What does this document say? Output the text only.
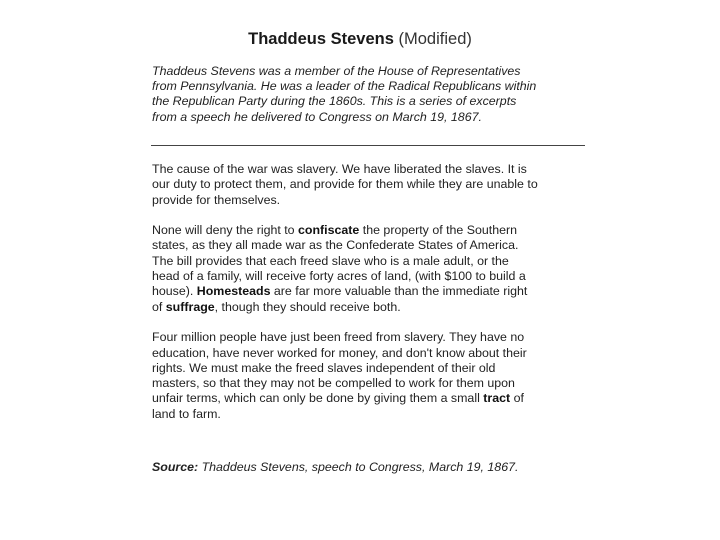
Thaddeus Stevens (Modified)
Thaddeus Stevens was a member of the House of Representatives
from Pennsylvania. He was a leader of the Radical Republicans within
the Republican Party during the 1860s. This is a series of excerpts
from a speech he delivered to Congress on March 19, 1867.

The cause of the war was slavery. We have liberated the slaves. It is
our duty to protect them, and provide for them while they are unable to
provide for themselves.

None will deny the right to confiscate the property of the Southern
states, as they all made war as the Confederate States of America.
The bill provides that each freed slave who is a male adult, or the
head of a family, will receive forty acres of land, (with $100 to build a
house). Homesteads are far more valuable than the immediate right
of suffrage, though they should receive both.

Four million people have just been freed from slavery. They have no
education, have never worked for money, and don't know about their
rights. We must make the freed slaves independent of their old
masters, so that they may not be compelled to work for them upon
unfair terms, which can only be done by giving them a small tract of
land to farm.

Source: Thaddeus Stevens, speech to Congress, March 19, 1867.
